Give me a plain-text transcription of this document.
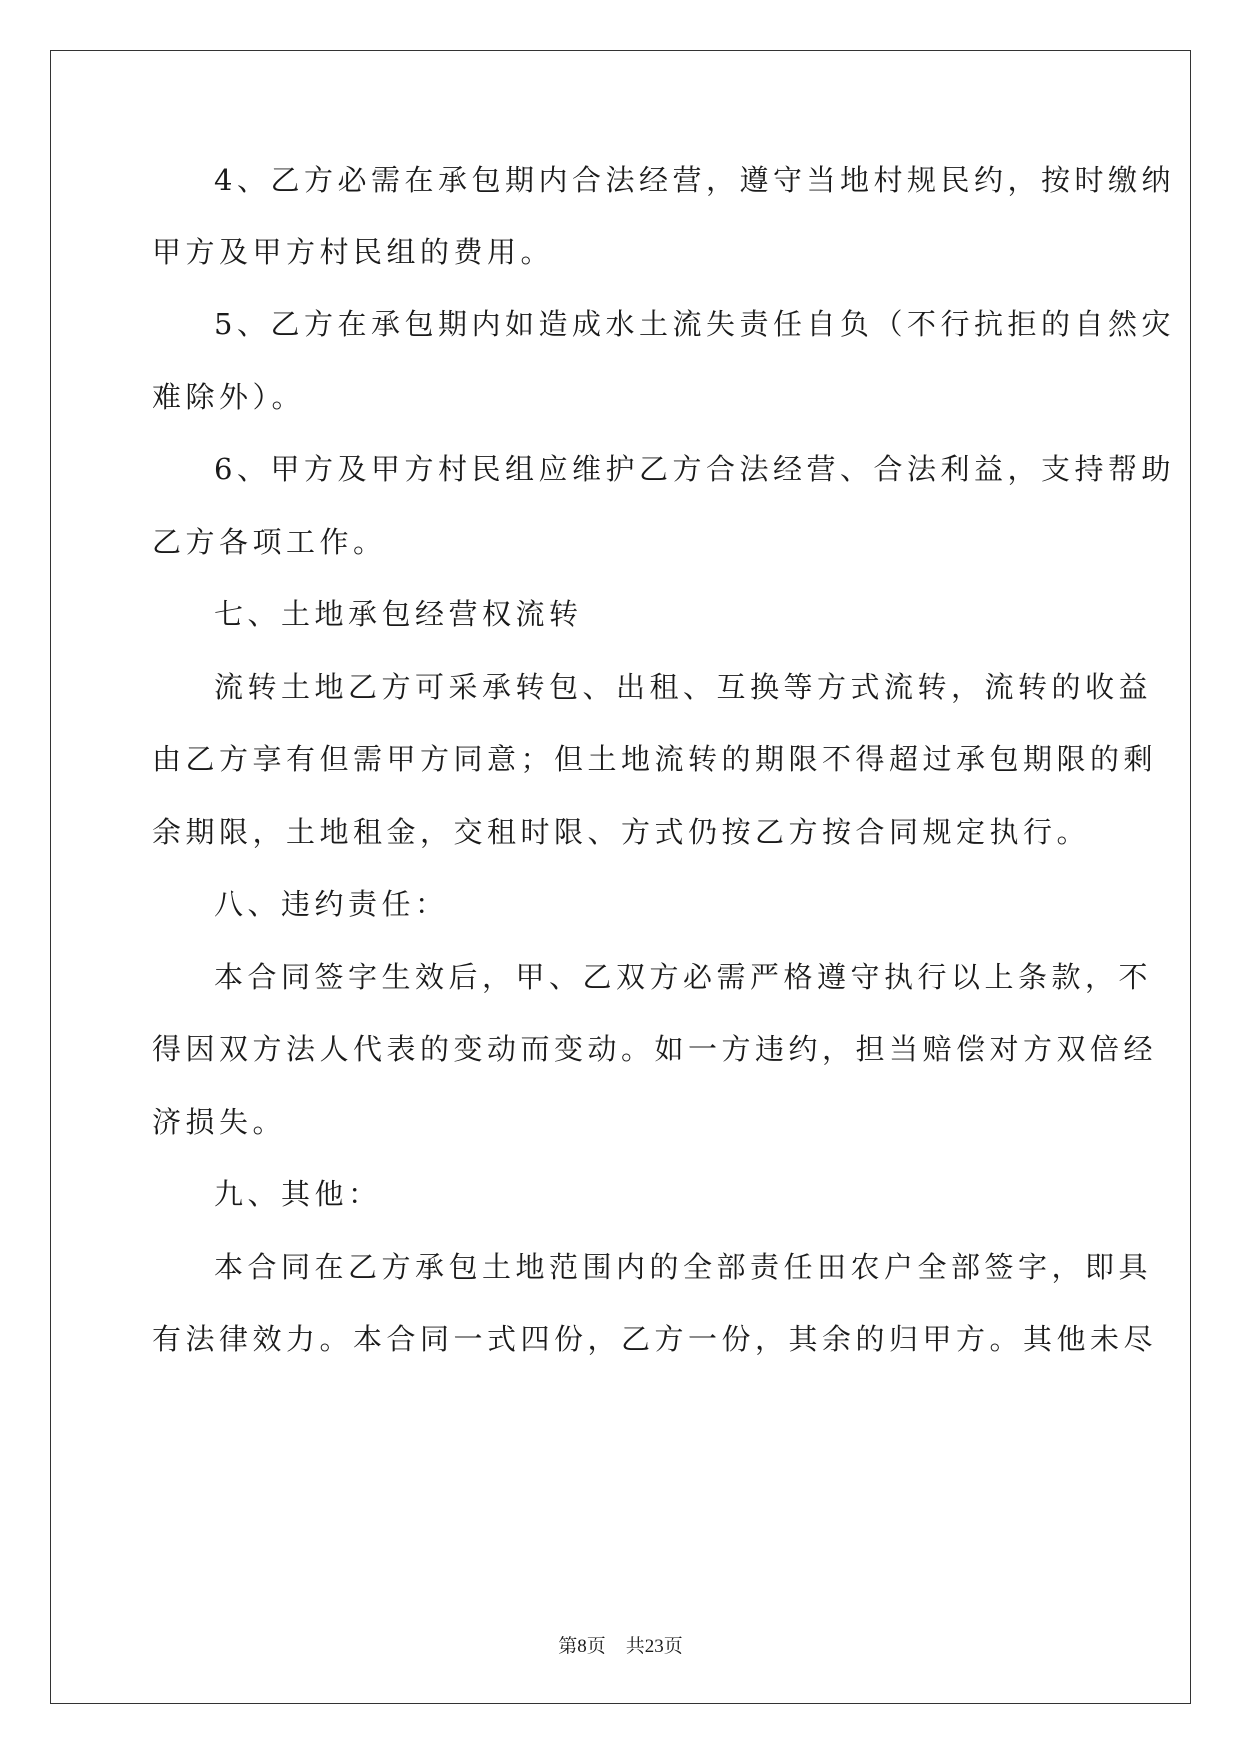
4、乙方必需在承包期内合法经营，遵守当地村规民约，按时缴纳
甲方及甲方村民组的费用。
5、乙方在承包期内如造成水土流失责任自负（不行抗拒的自然灾
难除外）。
6、甲方及甲方村民组应维护乙方合法经营、合法利益，支持帮助
乙方各项工作。
七、土地承包经营权流转
流转土地乙方可采承转包、出租、互换等方式流转，流转的收益
由乙方享有但需甲方同意；但土地流转的期限不得超过承包期限的剩
余期限，土地租金，交租时限、方式仍按乙方按合同规定执行。
八、违约责任：
本合同签字生效后，甲、乙双方必需严格遵守执行以上条款，不
得因双方法人代表的变动而变动。如一方违约，担当赔偿对方双倍经
济损失。
九、其他：
本合同在乙方承包土地范围内的全部责任田农户全部签字，即具
有法律效力。本合同一式四份，乙方一份，其余的归甲方。其他未尽
第8页 共23页
